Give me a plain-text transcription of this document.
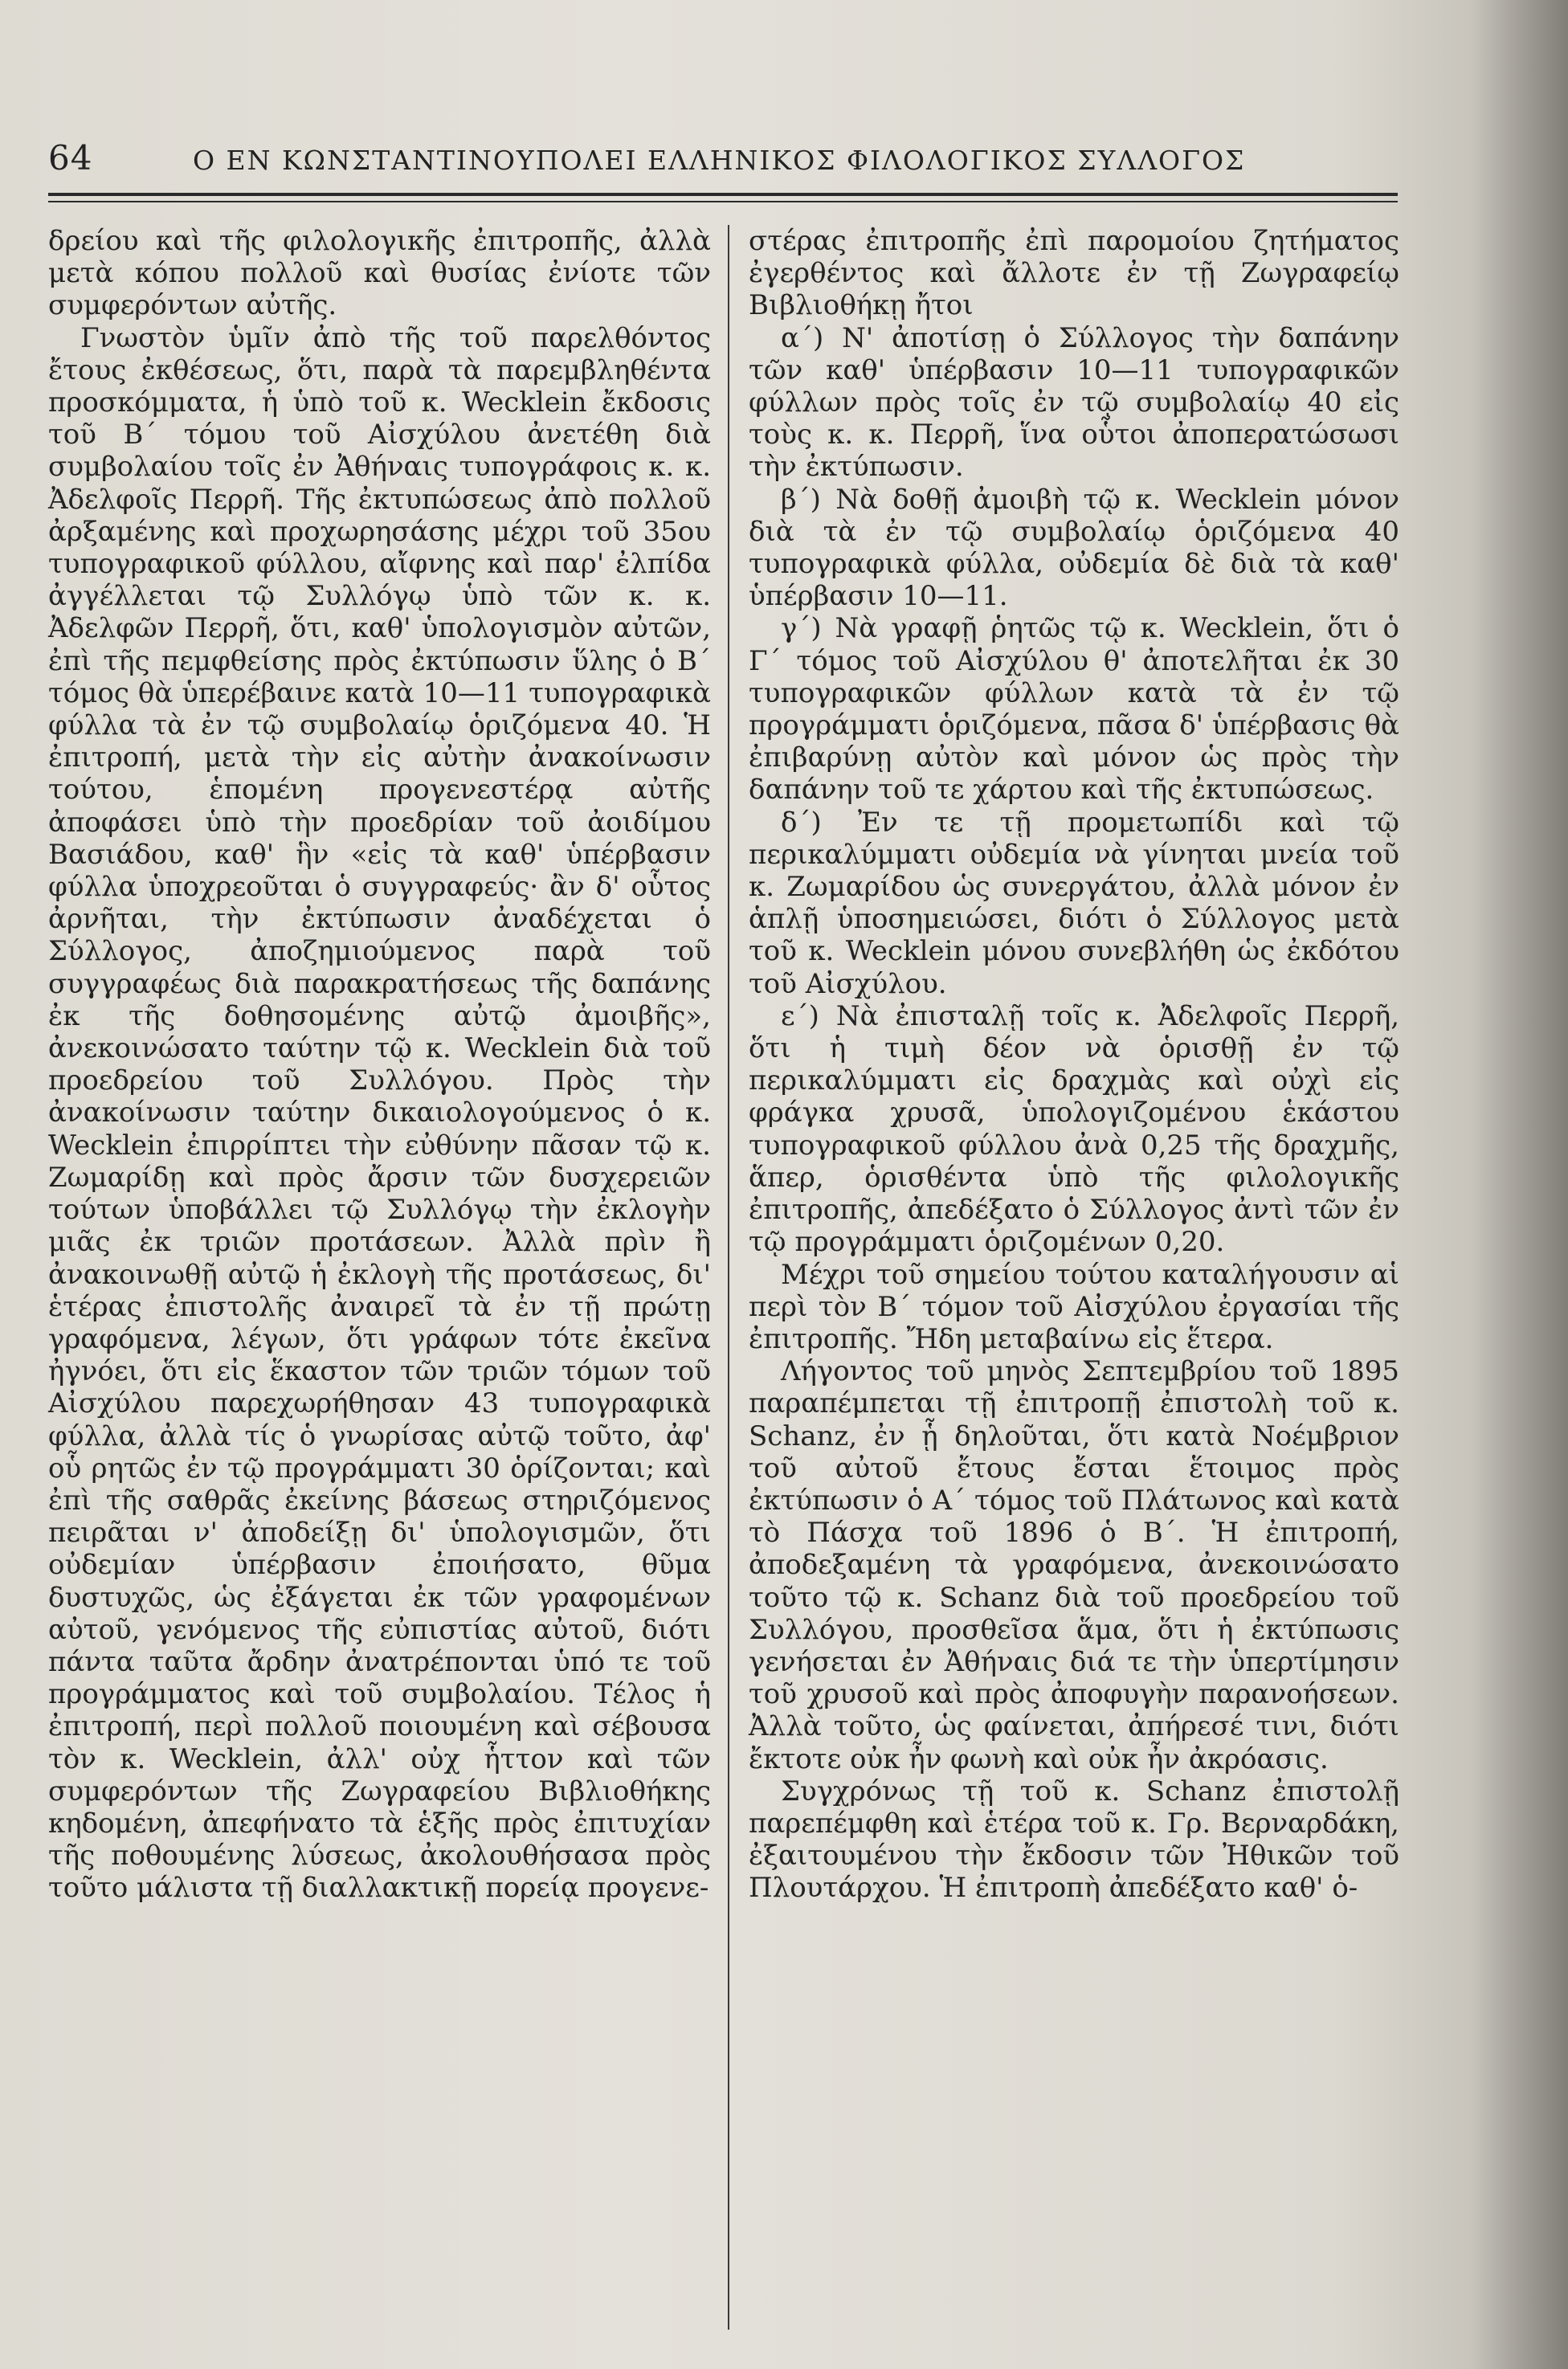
64	Ο ΕΝ ΚΩΝΣΤΑΝΤΙΝΟΥΠΟΛΕΙ ΕΛΛΗΝΙΚΟΣ ΦΙΛΟΛΟΓΙΚΟΣ ΣΥΛΛΟΓΟΣ

δρείου καὶ τῆς φιλολογικῆς ἐπιτροπῆς, ἀλλὰ μετὰ κόπου πολλοῦ καὶ θυσίας ἐνίοτε τῶν συμφερόντων αὐτῆς.

Γνωστὸν ὑμῖν ἀπὸ τῆς τοῦ παρελθόντος ἔτους ἐκθέσεως, ὅτι, παρὰ τὰ παρεμβληθέντα προσκόμματα, ἡ ὑπὸ τοῦ κ. Wecklein ἔκδοσις τοῦ Β΄ τόμου τοῦ Αἰσχύλου ἀνετέθη διὰ συμβολαίου τοῖς ἐν Ἀθήναις τυπογράφοις κ. κ. Ἀδελφοῖς Περρῆ. Τῆς ἐκτυπώσεως ἀπὸ πολλοῦ ἀρξαμένης καὶ προχωρησάσης μέχρι τοῦ 35ου τυπογραφικοῦ φύλλου, αἴφνης καὶ παρ' ἐλπίδα ἀγγέλλεται τῷ Συλλόγῳ ὑπὸ τῶν κ. κ. Ἀδελφῶν Περρῆ, ὅτι, καθ' ὑπολογισμὸν αὐτῶν, ἐπὶ τῆς πεμφθείσης πρὸς ἐκτύπωσιν ὕλης ὁ Β΄ τόμος θὰ ὑπερέβαινε κατὰ 10—11 τυπογραφικὰ φύλλα τὰ ἐν τῷ συμβολαίῳ ὁριζόμενα 40. Ἡ ἐπιτροπή, μετὰ τὴν εἰς αὐτὴν ἀνακοίνωσιν τούτου, ἑπομένη προγενεστέρᾳ αὐτῆς ἀποφάσει ὑπὸ τὴν προεδρίαν τοῦ ἀοιδίμου Βασιάδου, καθ' ἣν «εἰς τὰ καθ' ὑπέρβασιν φύλλα ὑποχρεοῦται ὁ συγγραφεύς· ἂν δ' οὗτος ἀρνῆται, τὴν ἐκτύπωσιν ἀναδέχεται ὁ Σύλλογος, ἀποζημιούμενος παρὰ τοῦ συγγραφέως διὰ παρακρατήσεως τῆς δαπάνης ἐκ τῆς δοθησομένης αὐτῷ ἀμοιβῆς», ἀνεκοινώσατο ταύτην τῷ κ. Wecklein διὰ τοῦ προεδρείου τοῦ Συλλόγου. Πρὸς τὴν ἀνακοίνωσιν ταύτην δικαιολογούμενος ὁ κ. Wecklein ἐπιρρίπτει τὴν εὐθύνην πᾶσαν τῷ κ. Ζωμαρίδῃ καὶ πρὸς ἄρσιν τῶν δυσχερειῶν τούτων ὑποβάλλει τῷ Συλλόγῳ τὴν ἐκλογὴν μιᾶς ἐκ τριῶν προτάσεων. Ἀλλὰ πρὶν ἢ ἀνακοινωθῇ αὐτῷ ἡ ἐκλογὴ τῆς προτάσεως, δι' ἑτέρας ἐπιστολῆς ἀναιρεῖ τὰ ἐν τῇ πρώτῃ γραφόμενα, λέγων, ὅτι γράφων τότε ἐκεῖνα ἠγνόει, ὅτι εἰς ἕκαστον τῶν τριῶν τόμων τοῦ Αἰσχύλου παρεχωρήθησαν 43 τυπογραφικὰ φύλλα, ἀλλὰ τίς ὁ γνωρίσας αὐτῷ τοῦτο, ἀφ' οὗ ρητῶς ἐν τῷ προγράμματι 30 ὁρίζονται; καὶ ἐπὶ τῆς σαθρᾶς ἐκείνης βάσεως στηριζόμενος πειρᾶται ν' ἀποδείξῃ δι' ὑπολογισμῶν, ὅτι οὐδεμίαν ὑπέρβασιν ἐποιήσατο, θῦμα δυστυχῶς, ὡς ἐξάγεται ἐκ τῶν γραφομένων αὐτοῦ, γενόμενος τῆς εὐπιστίας αὐτοῦ, διότι πάντα ταῦτα ἄρδην ἀνατρέπονται ὑπό τε τοῦ προγράμματος καὶ τοῦ συμβολαίου. Τέλος ἡ ἐπιτροπή, περὶ πολλοῦ ποιουμένη καὶ σέβουσα τὸν κ. Wecklein, ἀλλ' οὐχ ἧττον καὶ τῶν συμφερόντων τῆς Ζωγραφείου Βιβλιοθήκης κηδομένη, ἀπεφήνατο τὰ ἑξῆς πρὸς ἐπιτυχίαν τῆς ποθουμένης λύσεως, ἀκολουθήσασα πρὸς τοῦτο μάλιστα τῇ διαλλακτικῇ πορείᾳ προγενε-

στέρας ἐπιτροπῆς ἐπὶ παρομοίου ζητήματος ἐγερθέντος καὶ ἄλλοτε ἐν τῇ Ζωγραφείῳ Βιβλιοθήκῃ ἤτοι

α΄) Ν' ἀποτίσῃ ὁ Σύλλογος τὴν δαπάνην τῶν καθ' ὑπέρβασιν 10—11 τυπογραφικῶν φύλλων πρὸς τοῖς ἐν τῷ συμβολαίῳ 40 εἰς τοὺς κ. κ. Περρῆ, ἵνα οὗτοι ἀποπερατώσωσι τὴν ἐκτύπωσιν.

β΄) Νὰ δοθῇ ἀμοιβὴ τῷ κ. Wecklein μόνον διὰ τὰ ἐν τῷ συμβολαίῳ ὁριζόμενα 40 τυπογραφικὰ φύλλα, οὐδεμία δὲ διὰ τὰ καθ' ὑπέρβασιν 10—11.

γ΄) Νὰ γραφῇ ῥητῶς τῷ κ. Wecklein, ὅτι ὁ Γ΄ τόμος τοῦ Αἰσχύλου θ' ἀποτελῆται ἐκ 30 τυπογραφικῶν φύλλων κατὰ τὰ ἐν τῷ προγράμματι ὁριζόμενα, πᾶσα δ' ὑπέρβασις θὰ ἐπιβαρύνῃ αὐτὸν καὶ μόνον ὡς πρὸς τὴν δαπάνην τοῦ τε χάρτου καὶ τῆς ἐκτυπώσεως.

δ΄) Ἐν τε τῇ προμετωπίδι καὶ τῷ περικαλύμματι οὐδεμία νὰ γίνηται μνεία τοῦ κ. Ζωμαρίδου ὡς συνεργάτου, ἀλλὰ μόνον ἐν ἁπλῇ ὑποσημειώσει, διότι ὁ Σύλλογος μετὰ τοῦ κ. Wecklein μόνου συνεβλήθη ὡς ἐκδότου τοῦ Αἰσχύλου.

ε΄) Νὰ ἐπισταλῇ τοῖς κ. Ἀδελφοῖς Περρῆ, ὅτι ἡ τιμὴ δέον νὰ ὁρισθῇ ἐν τῷ περικαλύμματι εἰς δραχμὰς καὶ οὐχὶ εἰς φράγκα χρυσᾶ, ὑπολογιζομένου ἑκάστου τυπογραφικοῦ φύλλου ἀνὰ 0,25 τῆς δραχμῆς, ἅπερ, ὁρισθέντα ὑπὸ τῆς φιλολογικῆς ἐπιτροπῆς, ἀπεδέξατο ὁ Σύλλογος ἀντὶ τῶν ἐν τῷ προγράμματι ὁριζομένων 0,20.

Μέχρι τοῦ σημείου τούτου καταλήγουσιν αἱ περὶ τὸν Β΄ τόμον τοῦ Αἰσχύλου ἐργασίαι τῆς ἐπιτροπῆς. Ἤδη μεταβαίνω εἰς ἕτερα.

Λήγοντος τοῦ μηνὸς Σεπτεμβρίου τοῦ 1895 παραπέμπεται τῇ ἐπιτροπῇ ἐπιστολὴ τοῦ κ. Schanz, ἐν ᾗ δηλοῦται, ὅτι κατὰ Νοέμβριον τοῦ αὐτοῦ ἔτους ἔσται ἕτοιμος πρὸς ἐκτύπωσιν ὁ Α΄ τόμος τοῦ Πλάτωνος καὶ κατὰ τὸ Πάσχα τοῦ 1896 ὁ Β΄. Ἡ ἐπιτροπή, ἀποδεξαμένη τὰ γραφόμενα, ἀνεκοινώσατο τοῦτο τῷ κ. Schanz διὰ τοῦ προεδρείου τοῦ Συλλόγου, προσθεῖσα ἅμα, ὅτι ἡ ἐκτύπωσις γενήσεται ἐν Ἀθήναις διά τε τὴν ὑπερτίμησιν τοῦ χρυσοῦ καὶ πρὸς ἀποφυγὴν παρανοήσεων. Ἀλλὰ τοῦτο, ὡς φαίνεται, ἀπήρεσέ τινι, διότι ἔκτοτε οὐκ ἦν φωνὴ καὶ οὐκ ἦν ἀκρόασις.

Συγχρόνως τῇ τοῦ κ. Schanz ἐπιστολῇ παρεπέμφθη καὶ ἑτέρα τοῦ κ. Γρ. Βερναρδάκη, ἐξαιτουμένου τὴν ἔκδοσιν τῶν Ἠθικῶν τοῦ Πλουτάρχου. Ἡ ἐπιτροπὴ ἀπεδέξατο καθ' ὁ-
